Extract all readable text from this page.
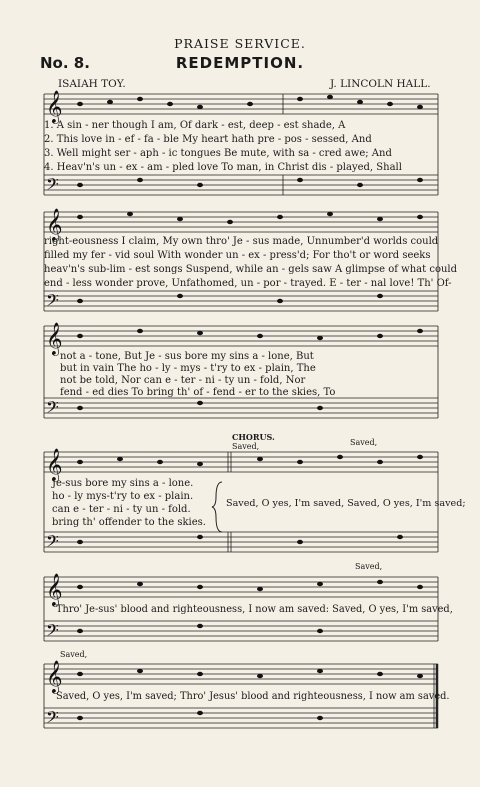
PRAISE SERVICE.
No. 8.	REDEMPTION.
ISAIAH TOY.	J. LINCOLN HALL.
𝄞
𝄢
𝄞
𝄢
𝄞
𝄢
𝄞
𝄢
𝄞
𝄢
𝄞
𝄢
1. A sin - ner though I am, Of dark - est, deep - est shade, A
2. This love in - ef - fa - ble My heart hath pre - pos - sessed, And
3. Well might ser - aph - ic tongues Be mute, with sa - cred awe; And
4. Heav'n's un - ex - am - pled love To man, in Christ dis - played, Shall
right-eousness I claim, My own thro' Je - sus made, Unnumber'd worlds could
filled my fer - vid soul With wonder un - ex - press'd; For tho't or word seeks
heav'n's sub-lim - est songs Suspend, while an - gels saw A glimpse of what could
end - less wonder prove, Unfathomed, un - por - trayed. E - ter - nal love! Th' Of-
not a - tone, But Je - sus bore my sins a - lone, But
but in vain The ho - ly - mys - t'ry to ex - plain, The
not be told, Nor can e - ter - ni - ty un - fold, Nor
fend - ed dies To bring th' of - fend - er to the skies, To
CHORUS.
Saved,	Saved,
Je-sus bore my sins a - lone.
ho - ly mys-t'ry to ex - plain.
can e - ter - ni - ty un - fold.
bring th' offender to the skies.
Saved, O yes, I'm saved, Saved, O yes, I'm saved;
Saved,
Thro' Je-sus' blood and righteousness, I now am saved: Saved, O yes, I'm saved,
Saved,
Saved, O yes, I'm saved; Thro' Jesus' blood and righteousness, I now am saved.
